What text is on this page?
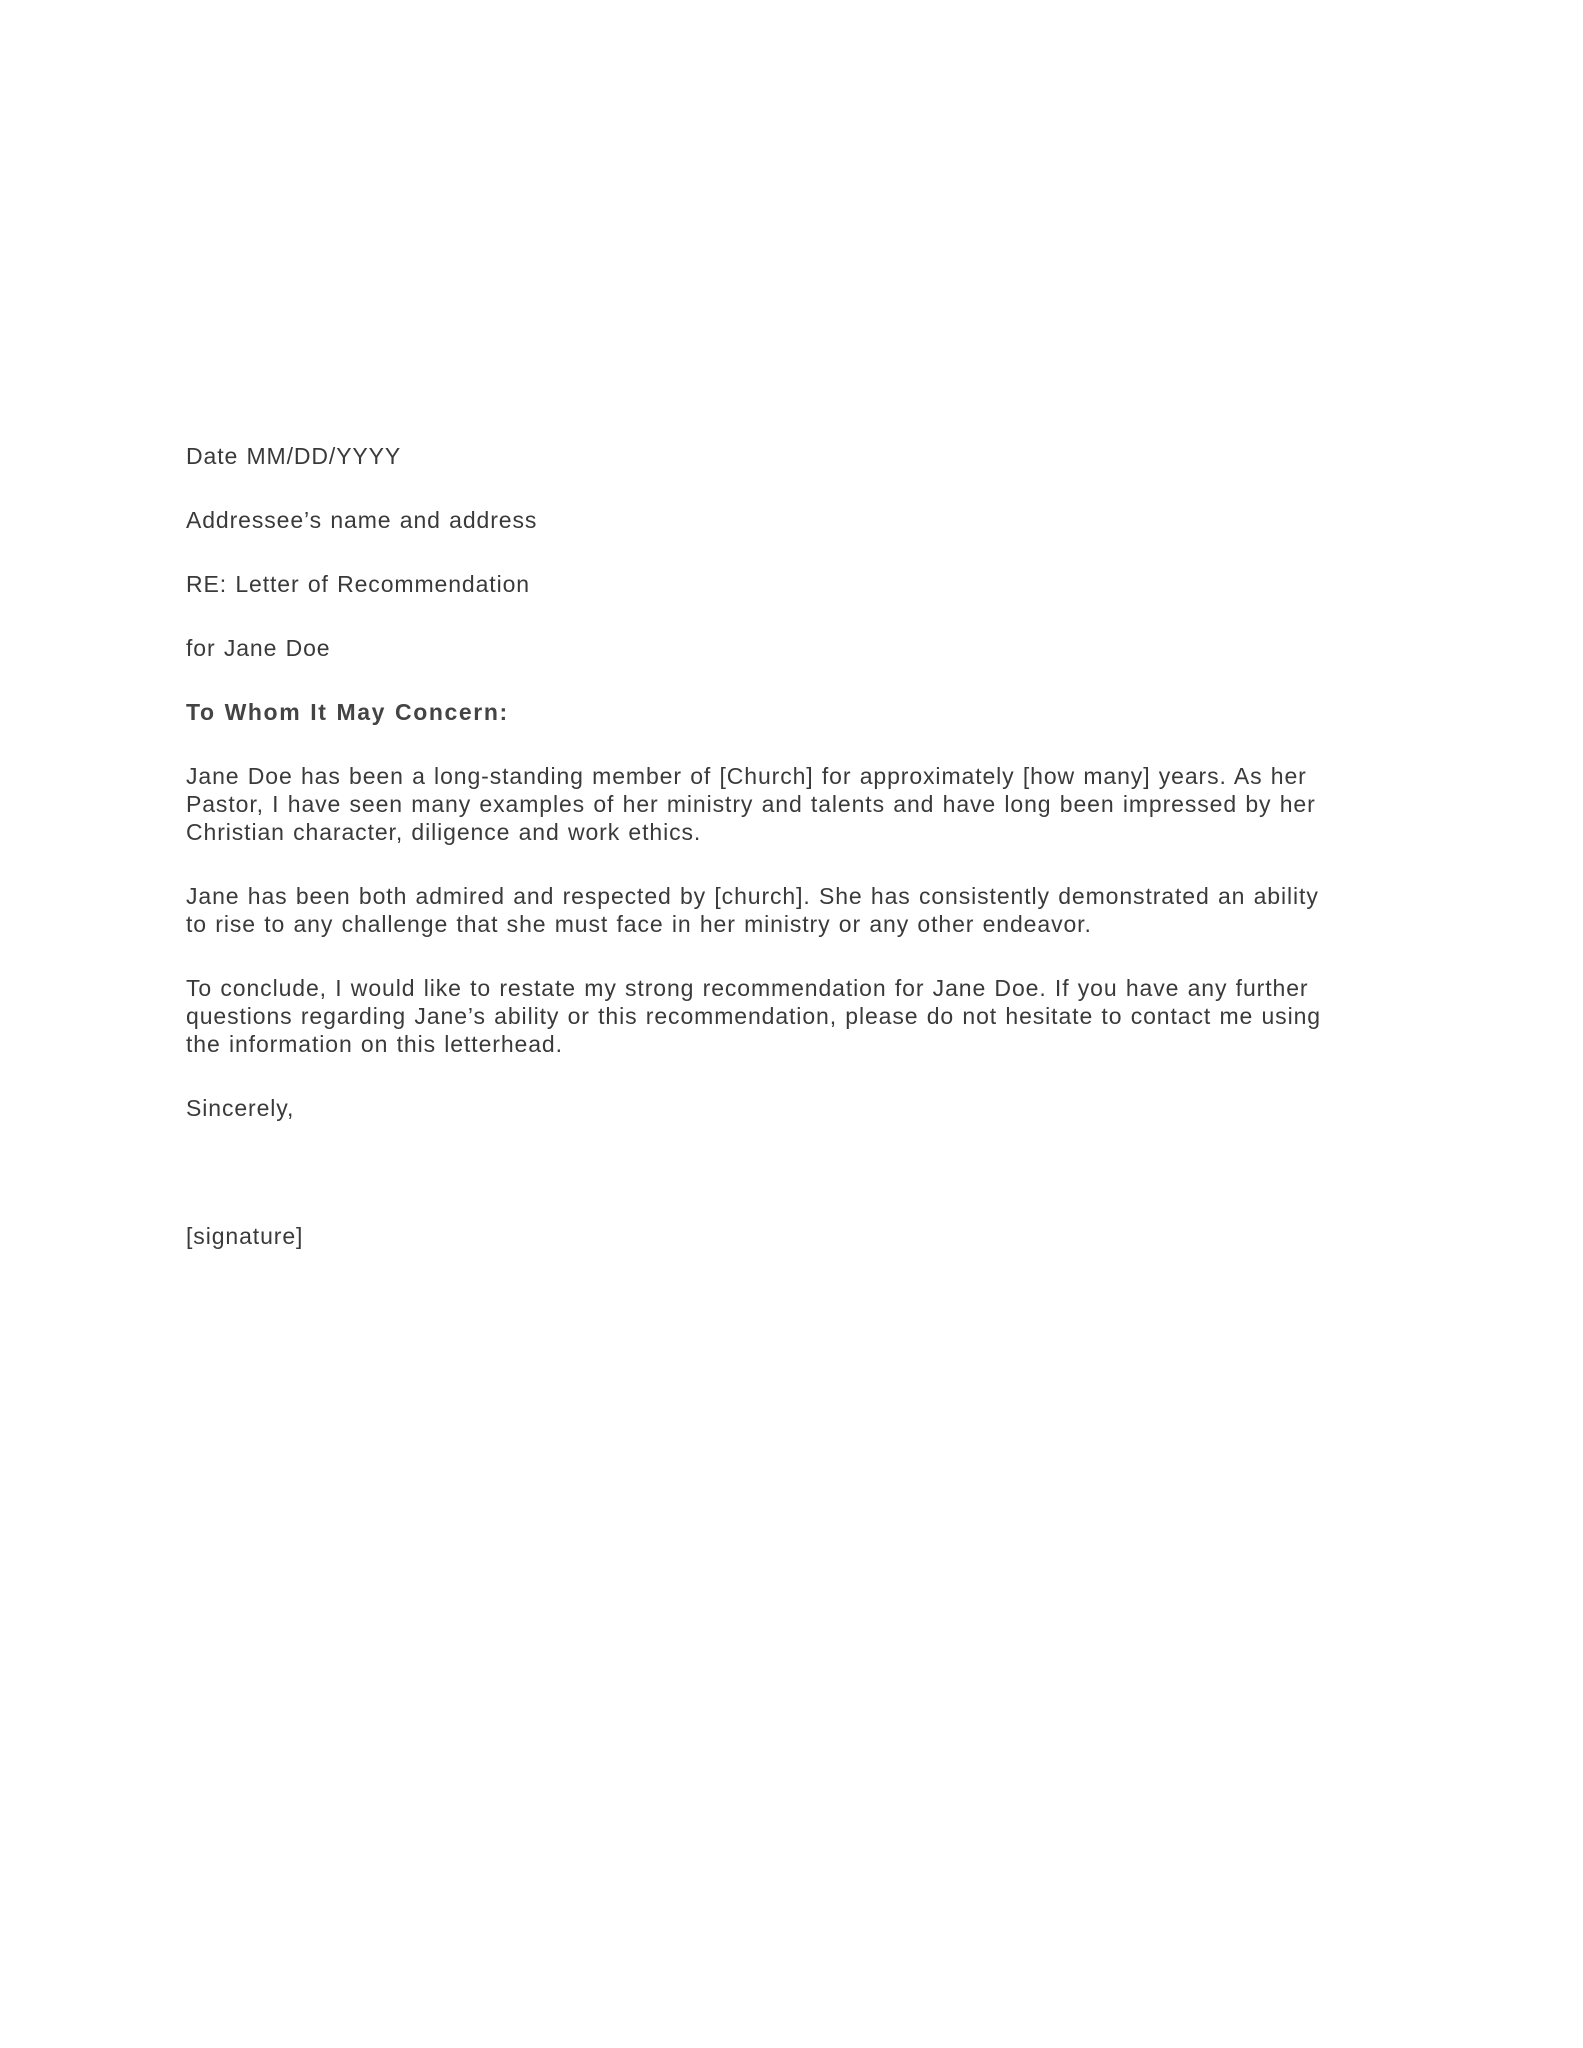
Date MM/DD/YYYY
Addressee’s name and address
RE: Letter of Recommendation
for Jane Doe
To Whom It May Concern:
Jane Doe has been a long-standing member of [Church] for approximately [how many] years. As her
Pastor, I have seen many examples of her ministry and talents and have long been impressed by her
Christian character, diligence and work ethics.
Jane has been both admired and respected by [church]. She has consistently demonstrated an ability
to rise to any challenge that she must face in her ministry or any other endeavor.
To conclude, I would like to restate my strong recommendation for Jane Doe. If you have any further
questions regarding Jane’s ability or this recommendation, please do not hesitate to contact me using
the information on this letterhead.
Sincerely,
[signature]
